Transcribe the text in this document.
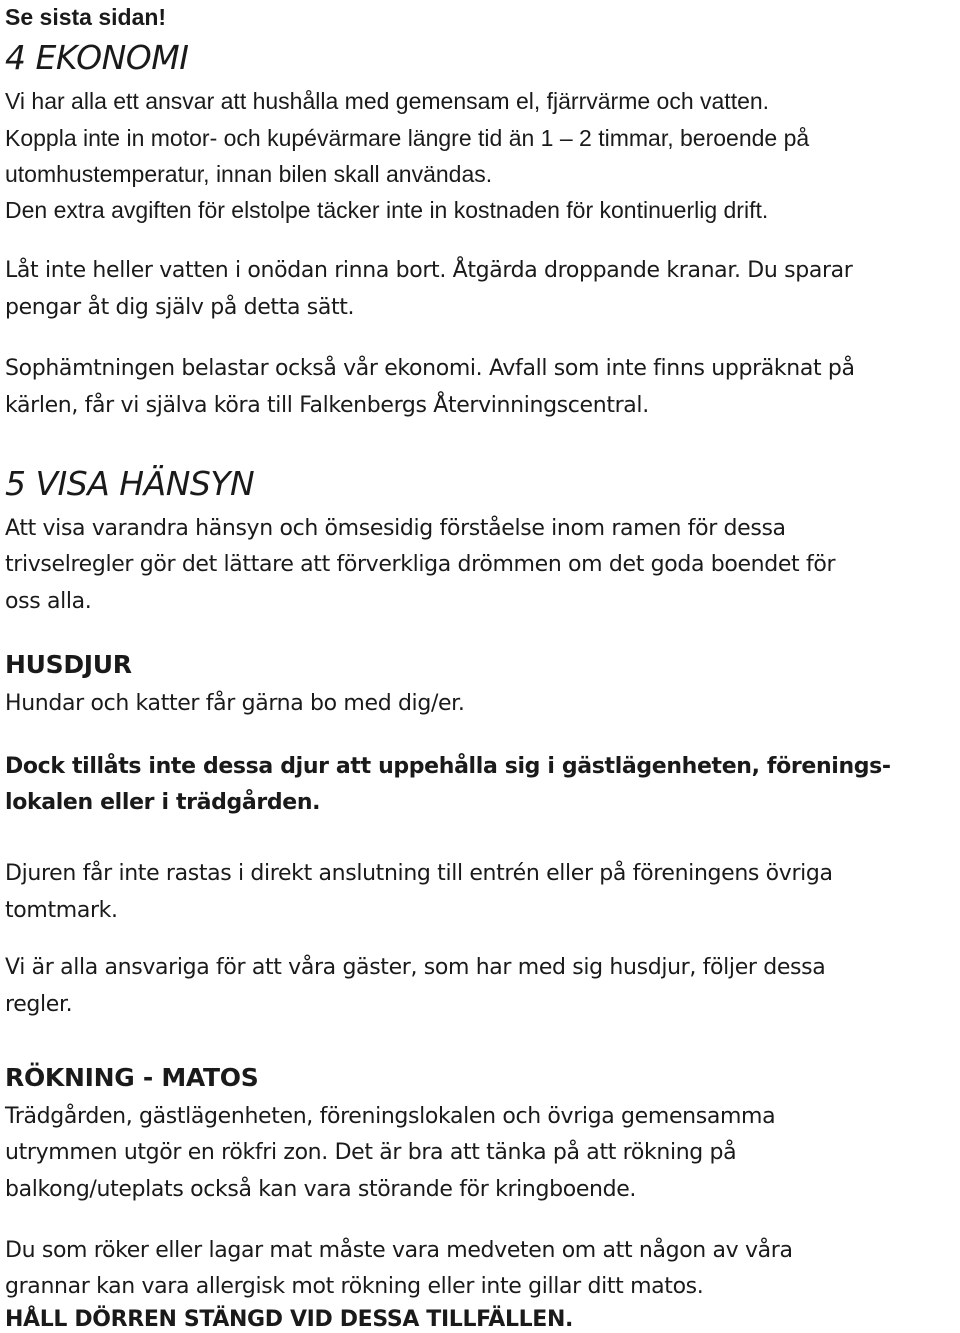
Se sista sidan!
4 EKONOMI
Vi har alla ett ansvar att hushålla med gemensam el, fjärrvärme och vatten.
Koppla inte in motor- och kupévärmare längre tid än 1 – 2 timmar, beroende på
utomhustemperatur, innan bilen skall användas.
Den extra avgiften för elstolpe täcker inte in kostnaden för kontinuerlig drift.
Låt inte heller vatten i onödan rinna bort. Åtgärda droppande kranar. Du sparar
pengar åt dig själv på detta sätt.
Sophämtningen belastar också vår ekonomi. Avfall som inte finns uppräknat på
kärlen, får vi själva köra till Falkenbergs Återvinningscentral.
5 VISA HÄNSYN
Att visa varandra hänsyn och ömsesidig förståelse inom ramen för dessa
trivselregler gör det lättare att förverkliga drömmen om det goda boendet för
oss alla.
HUSDJUR
Hundar och katter får gärna bo med dig/er.
Dock tillåts inte dessa djur att uppehålla sig i gästlägenheten, förenings-
lokalen eller i trädgården.
Djuren får inte rastas i direkt anslutning till entrén eller på föreningens övriga
tomtmark.
Vi är alla ansvariga för att våra gäster, som har med sig husdjur, följer dessa
regler.
RÖKNING - MATOS
Trädgården, gästlägenheten, föreningslokalen och övriga gemensamma
utrymmen utgör en rökfri zon. Det är bra att tänka på att rökning på
balkong/uteplats också kan vara störande för kringboende.
Du som röker eller lagar mat måste vara medveten om att någon av våra
grannar kan vara allergisk mot rökning eller inte gillar ditt matos.
HÅLL DÖRREN STÄNGD VID DESSA TILLFÄLLEN.
